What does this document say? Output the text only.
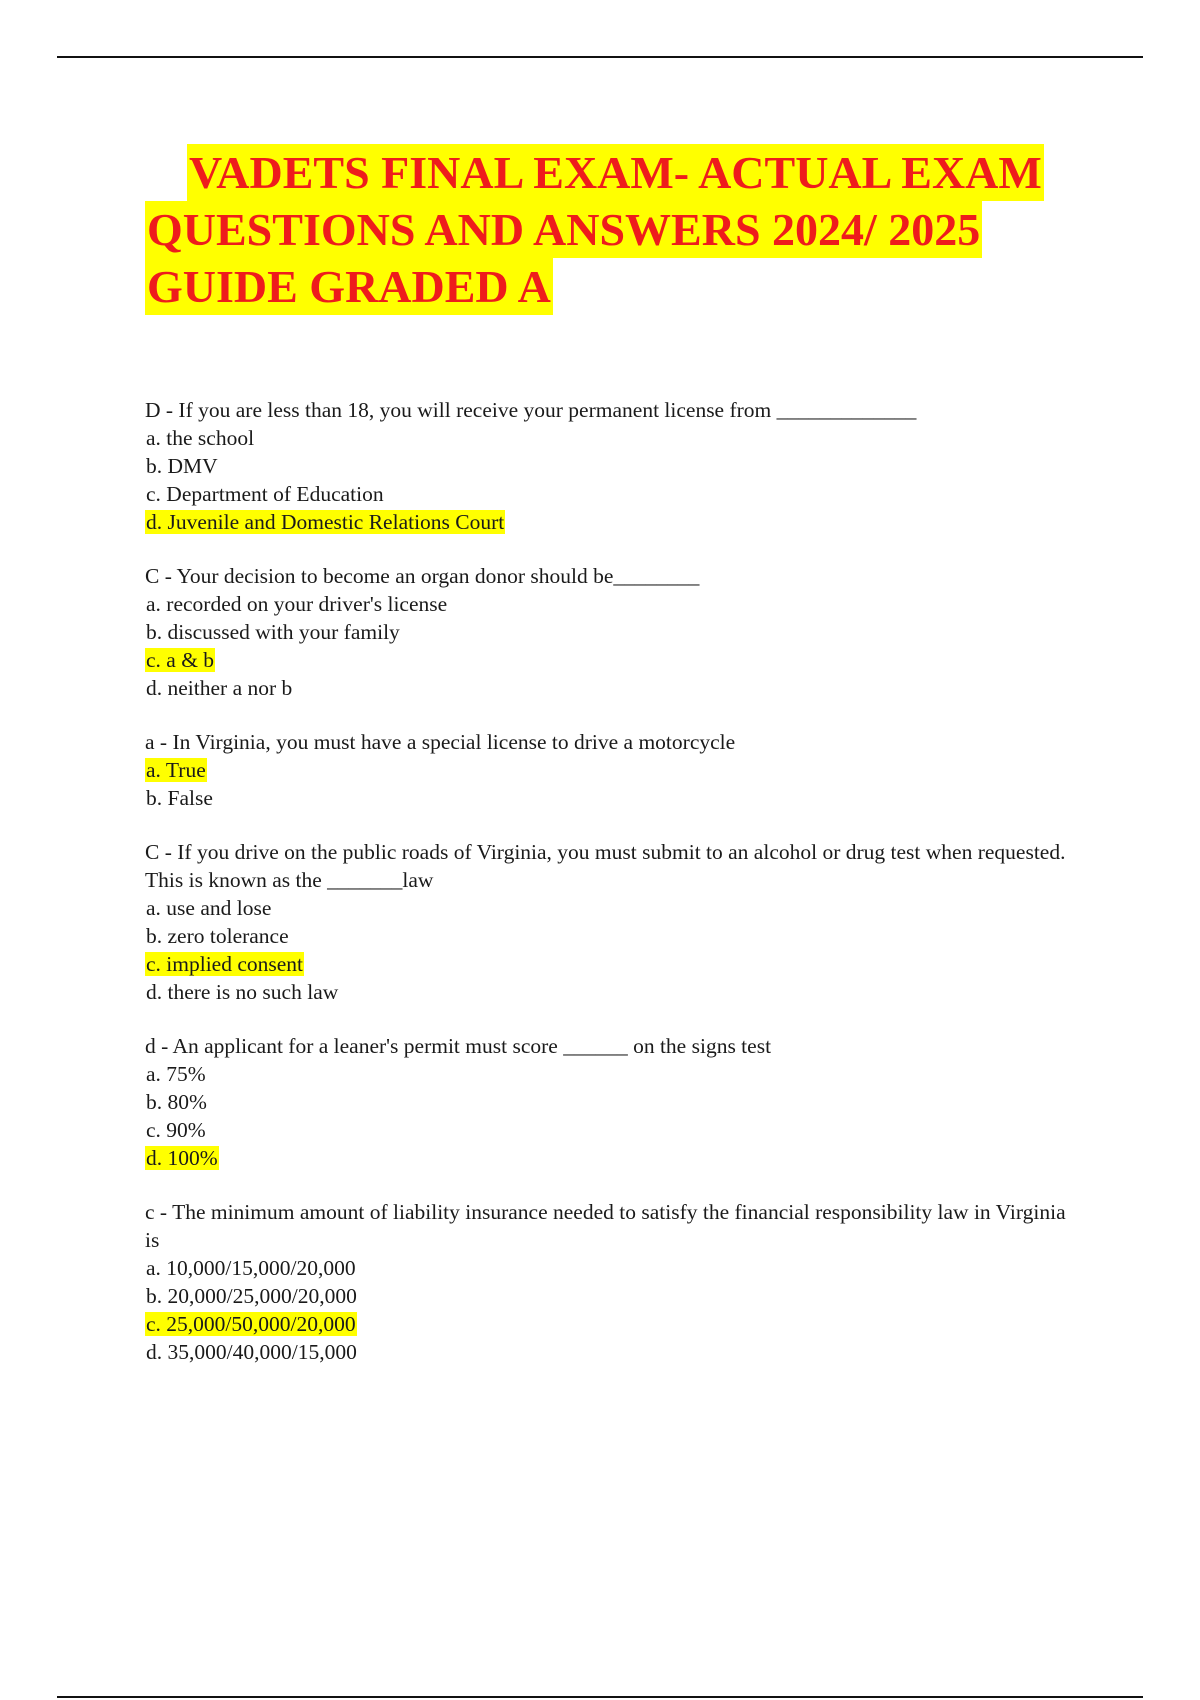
VADETS FINAL EXAM- ACTUAL EXAM
QUESTIONS AND ANSWERS 2024/ 2025
GUIDE GRADED A

D - If you are less than 18, you will receive your permanent license from _____________

a. the school

b. DMV

c. Department of Education

d. Juvenile and Domestic Relations Court

C - Your decision to become an organ donor should be________

a. recorded on your driver's license

b. discussed with your family

c. a & b

d. neither a nor b

a - In Virginia, you must have a special license to drive a motorcycle

a. True

b. False

C - If you drive on the public roads of Virginia, you must submit to an alcohol or drug test when requested. This is known as the _______law

a. use and lose

b. zero tolerance

c. implied consent

d. there is no such law

d - An applicant for a leaner's permit must score ______ on the signs test

a. 75%

b. 80%

c. 90%

d. 100%

c - The minimum amount of liability insurance needed to satisfy the financial responsibility law in Virginia is

a. 10,000/15,000/20,000

b. 20,000/25,000/20,000

c. 25,000/50,000/20,000

d. 35,000/40,000/15,000
